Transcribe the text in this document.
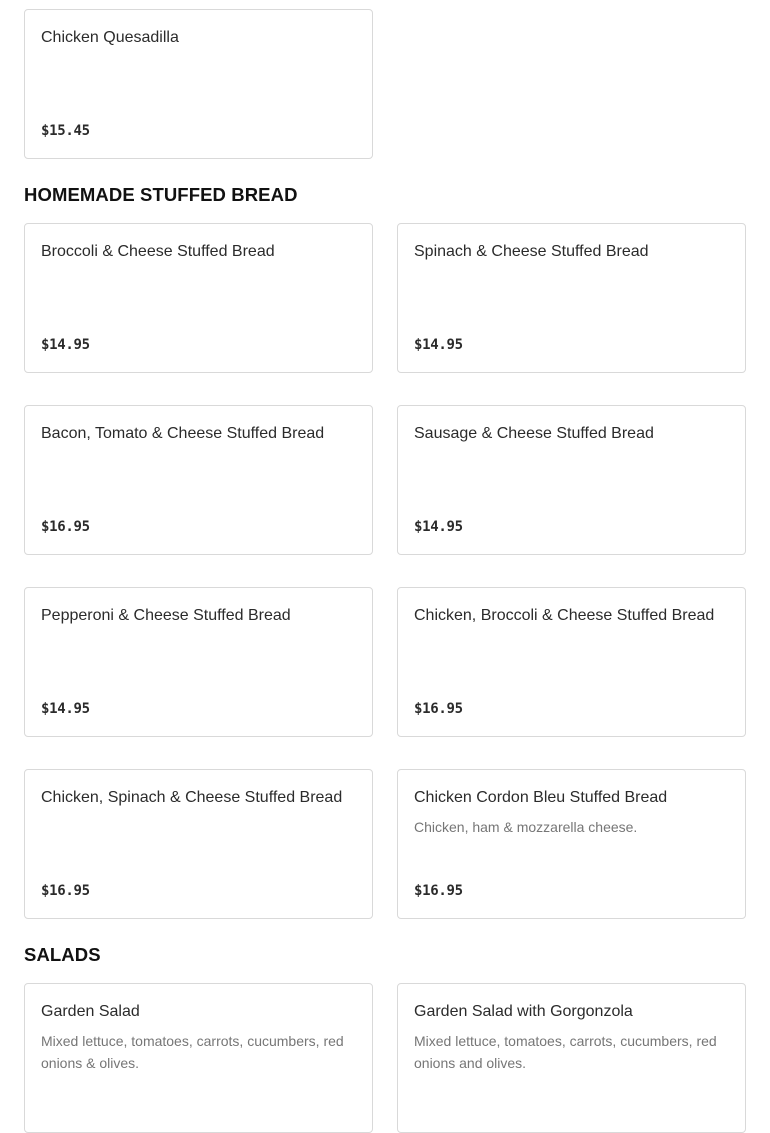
Chicken Quesadilla
$15.45
HOMEMADE STUFFED BREAD
Broccoli & Cheese Stuffed Bread
$14.95
Spinach & Cheese Stuffed Bread
$14.95
Bacon, Tomato & Cheese Stuffed Bread
$16.95
Sausage & Cheese Stuffed Bread
$14.95
Pepperoni & Cheese Stuffed Bread
$14.95
Chicken, Broccoli & Cheese Stuffed Bread
$16.95
Chicken, Spinach & Cheese Stuffed Bread
$16.95
Chicken Cordon Bleu Stuffed Bread
Chicken, ham & mozzarella cheese.
$16.95
SALADS
Garden Salad
Mixed lettuce, tomatoes, carrots, cucumbers, red onions & olives.
Garden Salad with Gorgonzola
Mixed lettuce, tomatoes, carrots, cucumbers, red onions and olives.
